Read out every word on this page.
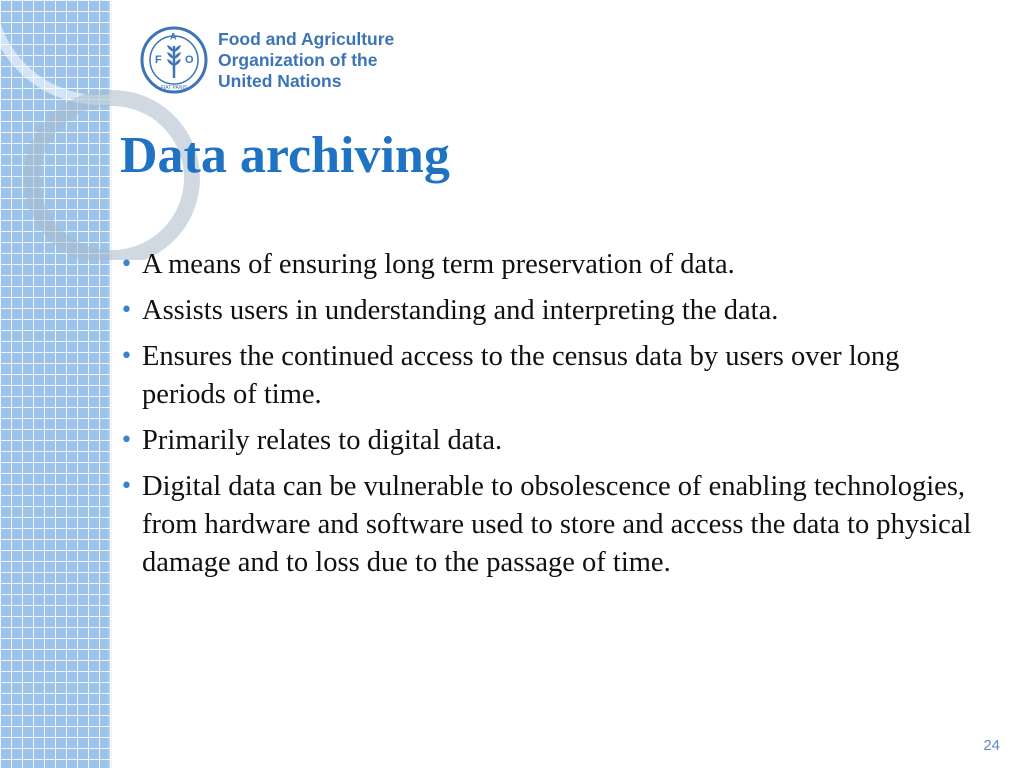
F
A
O
FIAT PANIS
Food and Agriculture
Organization of the
United Nations
Data archiving
• A means of ensuring long term preservation of data.
• Assists users in understanding and interpreting the data.
• Ensures the continued access to the census data by users over long periods of time.
• Primarily relates to digital data.
• Digital data can be vulnerable to obsolescence of enabling technologies, from hardware and software used to store and access the data to physical damage and to loss due to the passage of time.
24
